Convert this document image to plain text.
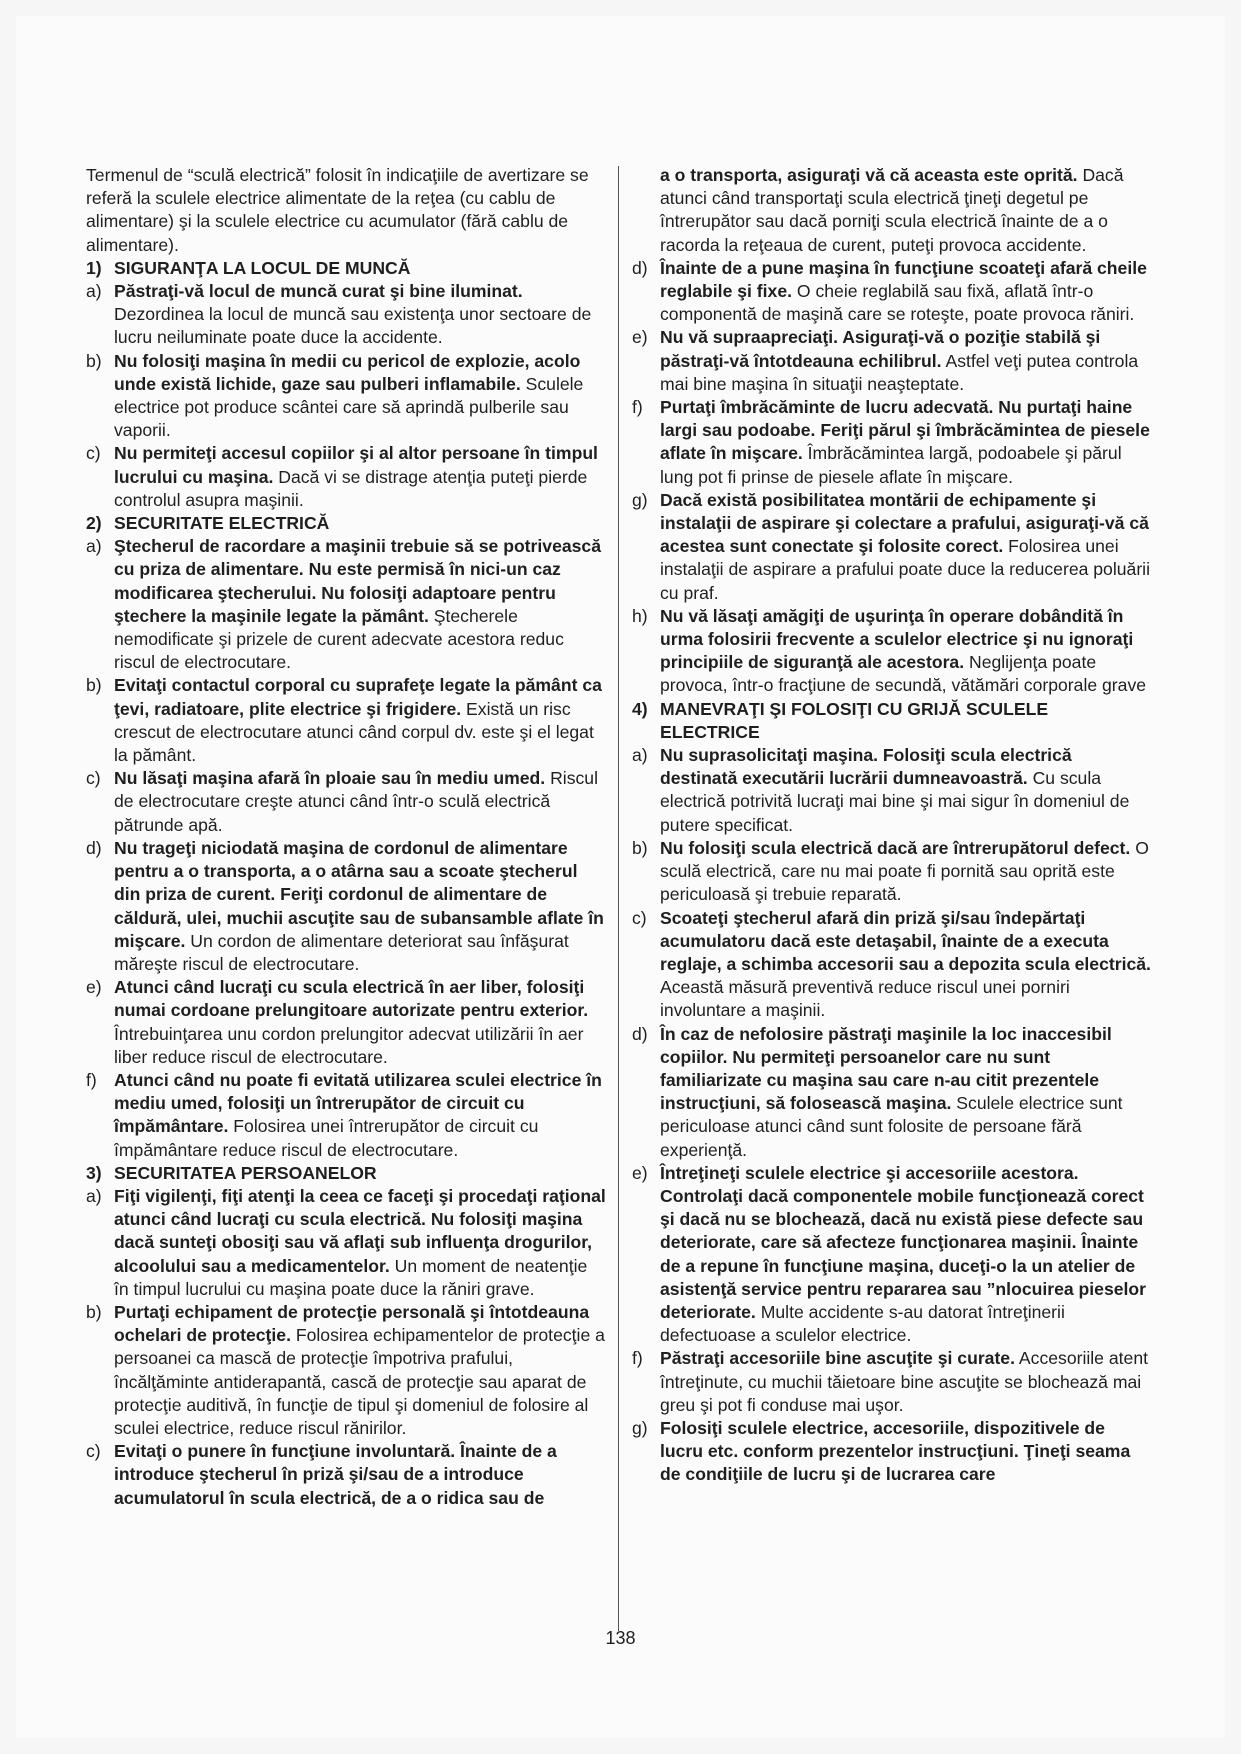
Termenul de “sculă electrică” folosit în indicaţiile de avertizare se referă la sculele electrice alimentate de la reţea (cu cablu de alimentare) şi la sculele electrice cu acumulator (fără cablu de alimentare).

1) SIGURANŢA LA LOCUL DE MUNCĂ

a) Păstraţi-vă locul de muncă curat şi bine iluminat. Dezordinea la locul de muncă sau existenţa unor sectoare de lucru neiluminate poate duce la accidente.
b) Nu folosiţi maşina în medii cu pericol de explozie, acolo unde există lichide, gaze sau pulberi inflamabile. Sculele electrice pot produce scântei care să aprindă pulberile sau vaporii.
c) Nu permiteţi accesul copiilor şi al altor persoane în timpul lucrului cu maşina. Dacă vi se distrage atenţia puteţi pierde controlul asupra maşinii.

2) SECURITATE ELECTRICĂ

a) Ştecherul de racordare a maşinii trebuie să se potrivească cu priza de alimentare. Nu este permisă în nici-un caz modificarea ştecherului. Nu folosiţi adaptoare pentru ştechere la maşinile legate la pământ. Ştecherele nemodificate şi prizele de curent adecvate acestora reduc riscul de electrocutare.
b) Evitaţi contactul corporal cu suprafeţe legate la pământ ca ţevi, radiatoare, plite electrice şi frigidere. Există un risc crescut de electrocutare atunci când corpul dv. este şi el legat la pământ.
c) Nu lăsaţi maşina afară în ploaie sau în mediu umed. Riscul de electrocutare creşte atunci când într-o sculă electrică pătrunde apă.
d) Nu trageţi niciodată maşina de cordonul de alimentare pentru a o transporta, a o atârna sau a scoate ştecherul din priza de curent. Feriţi cordonul de alimentare de căldură, ulei, muchii ascuţite sau de subansamble aflate în mişcare. Un cordon de alimentare deteriorat sau înfăşurat măreşte riscul de electrocutare.
e) Atunci când lucraţi cu scula electrică în aer liber, folosiţi numai cordoane prelungitoare autorizate pentru exterior. Întrebuinţarea unu cordon prelungitor adecvat utilizării în aer liber reduce riscul de electrocutare.
f) Atunci când nu poate fi evitată utilizarea sculei electrice în mediu umed, folosiţi un întrerupător de circuit cu împământare. Folosirea unei întrerupător de circuit cu împământare reduce riscul de electrocutare.

3) SECURITATEA PERSOANELOR

a) Fiţi vigilenţi, fiţi atenţi la ceea ce faceţi şi procedaţi raţional atunci când lucraţi cu scula electrică. Nu folosiţi maşina dacă sunteţi obosiţi sau vă aflaţi sub influenţa drogurilor, alcoolului sau a medicamentelor. Un moment de neatenţie în timpul lucrului cu maşina poate duce la răniri grave.
b) Purtaţi echipament de protecţie personală şi întotdeauna ochelari de protecţie. Folosirea echipamentelor de protecţie a persoanei ca mască de protecţie împotriva prafului, încălţăminte antiderapantă, cască de protecţie sau aparat de protecţie auditivă, în funcţie de tipul şi domeniul de folosire al sculei electrice, reduce riscul rănirilor.
c) Evitaţi o punere în funcţiune involuntară. Înainte de a introduce ştecherul în priză şi/sau de a introduce acumulatorul în scula electrică, de a o ridica sau de
a o transporta, asiguraţi vă că aceasta este oprită. Dacă atunci când transportaţi scula electrică ţineţi degetul pe întrerupător sau dacă porniţi scula electrică înainte de a o racorda la reţeaua de curent, puteţi provoca accidente.
d) Înainte de a pune maşina în funcţiune scoateţi afară cheile reglabile şi fixe. O cheie reglabilă sau fixă, aflată într-o componentă de maşină care se roteşte, poate provoca răniri.
e) Nu vă supraapreciaţi. Asiguraţi-vă o poziţie stabilă şi păstraţi-vă întotdeauna echilibrul. Astfel veţi putea controla mai bine maşina în situaţii neaşteptate.
f) Purtaţi îmbrăcăminte de lucru adecvată. Nu purtaţi haine largi sau podoabe. Feriţi părul şi îmbrăcămintea de piesele aflate în mişcare. Îmbrăcămintea largă, podoabele şi părul lung pot fi prinse de piesele aflate în mişcare.
g) Dacă există posibilitatea montării de echipamente şi instalaţii de aspirare şi colectare a prafului, asiguraţi-vă că acestea sunt conectate şi folosite corect. Folosirea unei instalaţii de aspirare a prafului poate duce la reducerea poluării cu praf.
h) Nu vă lăsaţi amăgiţi de uşurinţa în operare dobândită în urma folosirii frecvente a sculelor electrice şi nu ignoraţi principiile de siguranţă ale acestora. Neglijenţa poate provoca, într-o fracţiune de secundă, vătămări corporale grave

4) MANEVRAŢI ŞI FOLOSIŢI CU GRIJĂ SCULELE
ELECTRICE

a) Nu suprasolicitaţi maşina. Folosiţi scula electrică destinată executării lucrării dumneavoastră. Cu scula electrică potrivită lucraţi mai bine şi mai sigur în domeniul de putere specificat.
b) Nu folosiţi scula electrică dacă are întrerupătorul defect. O sculă electrică, care nu mai poate fi pornită sau oprită este periculoasă şi trebuie reparată.
c) Scoateţi ştecherul afară din priză şi/sau îndepărtaţi acumulatoru dacă este detaşabil, înainte de a executa reglaje, a schimba accesorii sau a depozita scula electrică. Această măsură preventivă reduce riscul unei porniri involuntare a maşinii.
d) În caz de nefolosire păstraţi maşinile la loc inaccesibil copiilor. Nu permiteţi persoanelor care nu sunt familiarizate cu maşina sau care n-au citit prezentele instrucţiuni, să folosească maşina. Sculele electrice sunt periculoase atunci când sunt folosite de persoane fără experienţă.
e) Întreţineţi sculele electrice şi accesoriile acestora. Controlaţi dacă componentele mobile funcţionează corect şi dacă nu se blochează, dacă nu există piese defecte sau deteriorate, care să afecteze funcţionarea maşinii. Înainte de a repune în funcţiune maşina, duceţi-o la un atelier de asistenţă service pentru repararea sau ”nlocuirea pieselor deteriorate. Multe accidente s-au datorat întreţinerii defectuoase a sculelor electrice.
f) Păstraţi accesoriile bine ascuţite şi curate. Accesoriile atent întreţinute, cu muchii tăietoare bine ascuţite se blochează mai greu şi pot fi conduse mai uşor.
g) Folosiţi sculele electrice, accesoriile, dispozitivele de lucru etc. conform prezentelor instrucţiuni. Ţineţi seama de condiţiile de lucru şi de lucrarea care
138
